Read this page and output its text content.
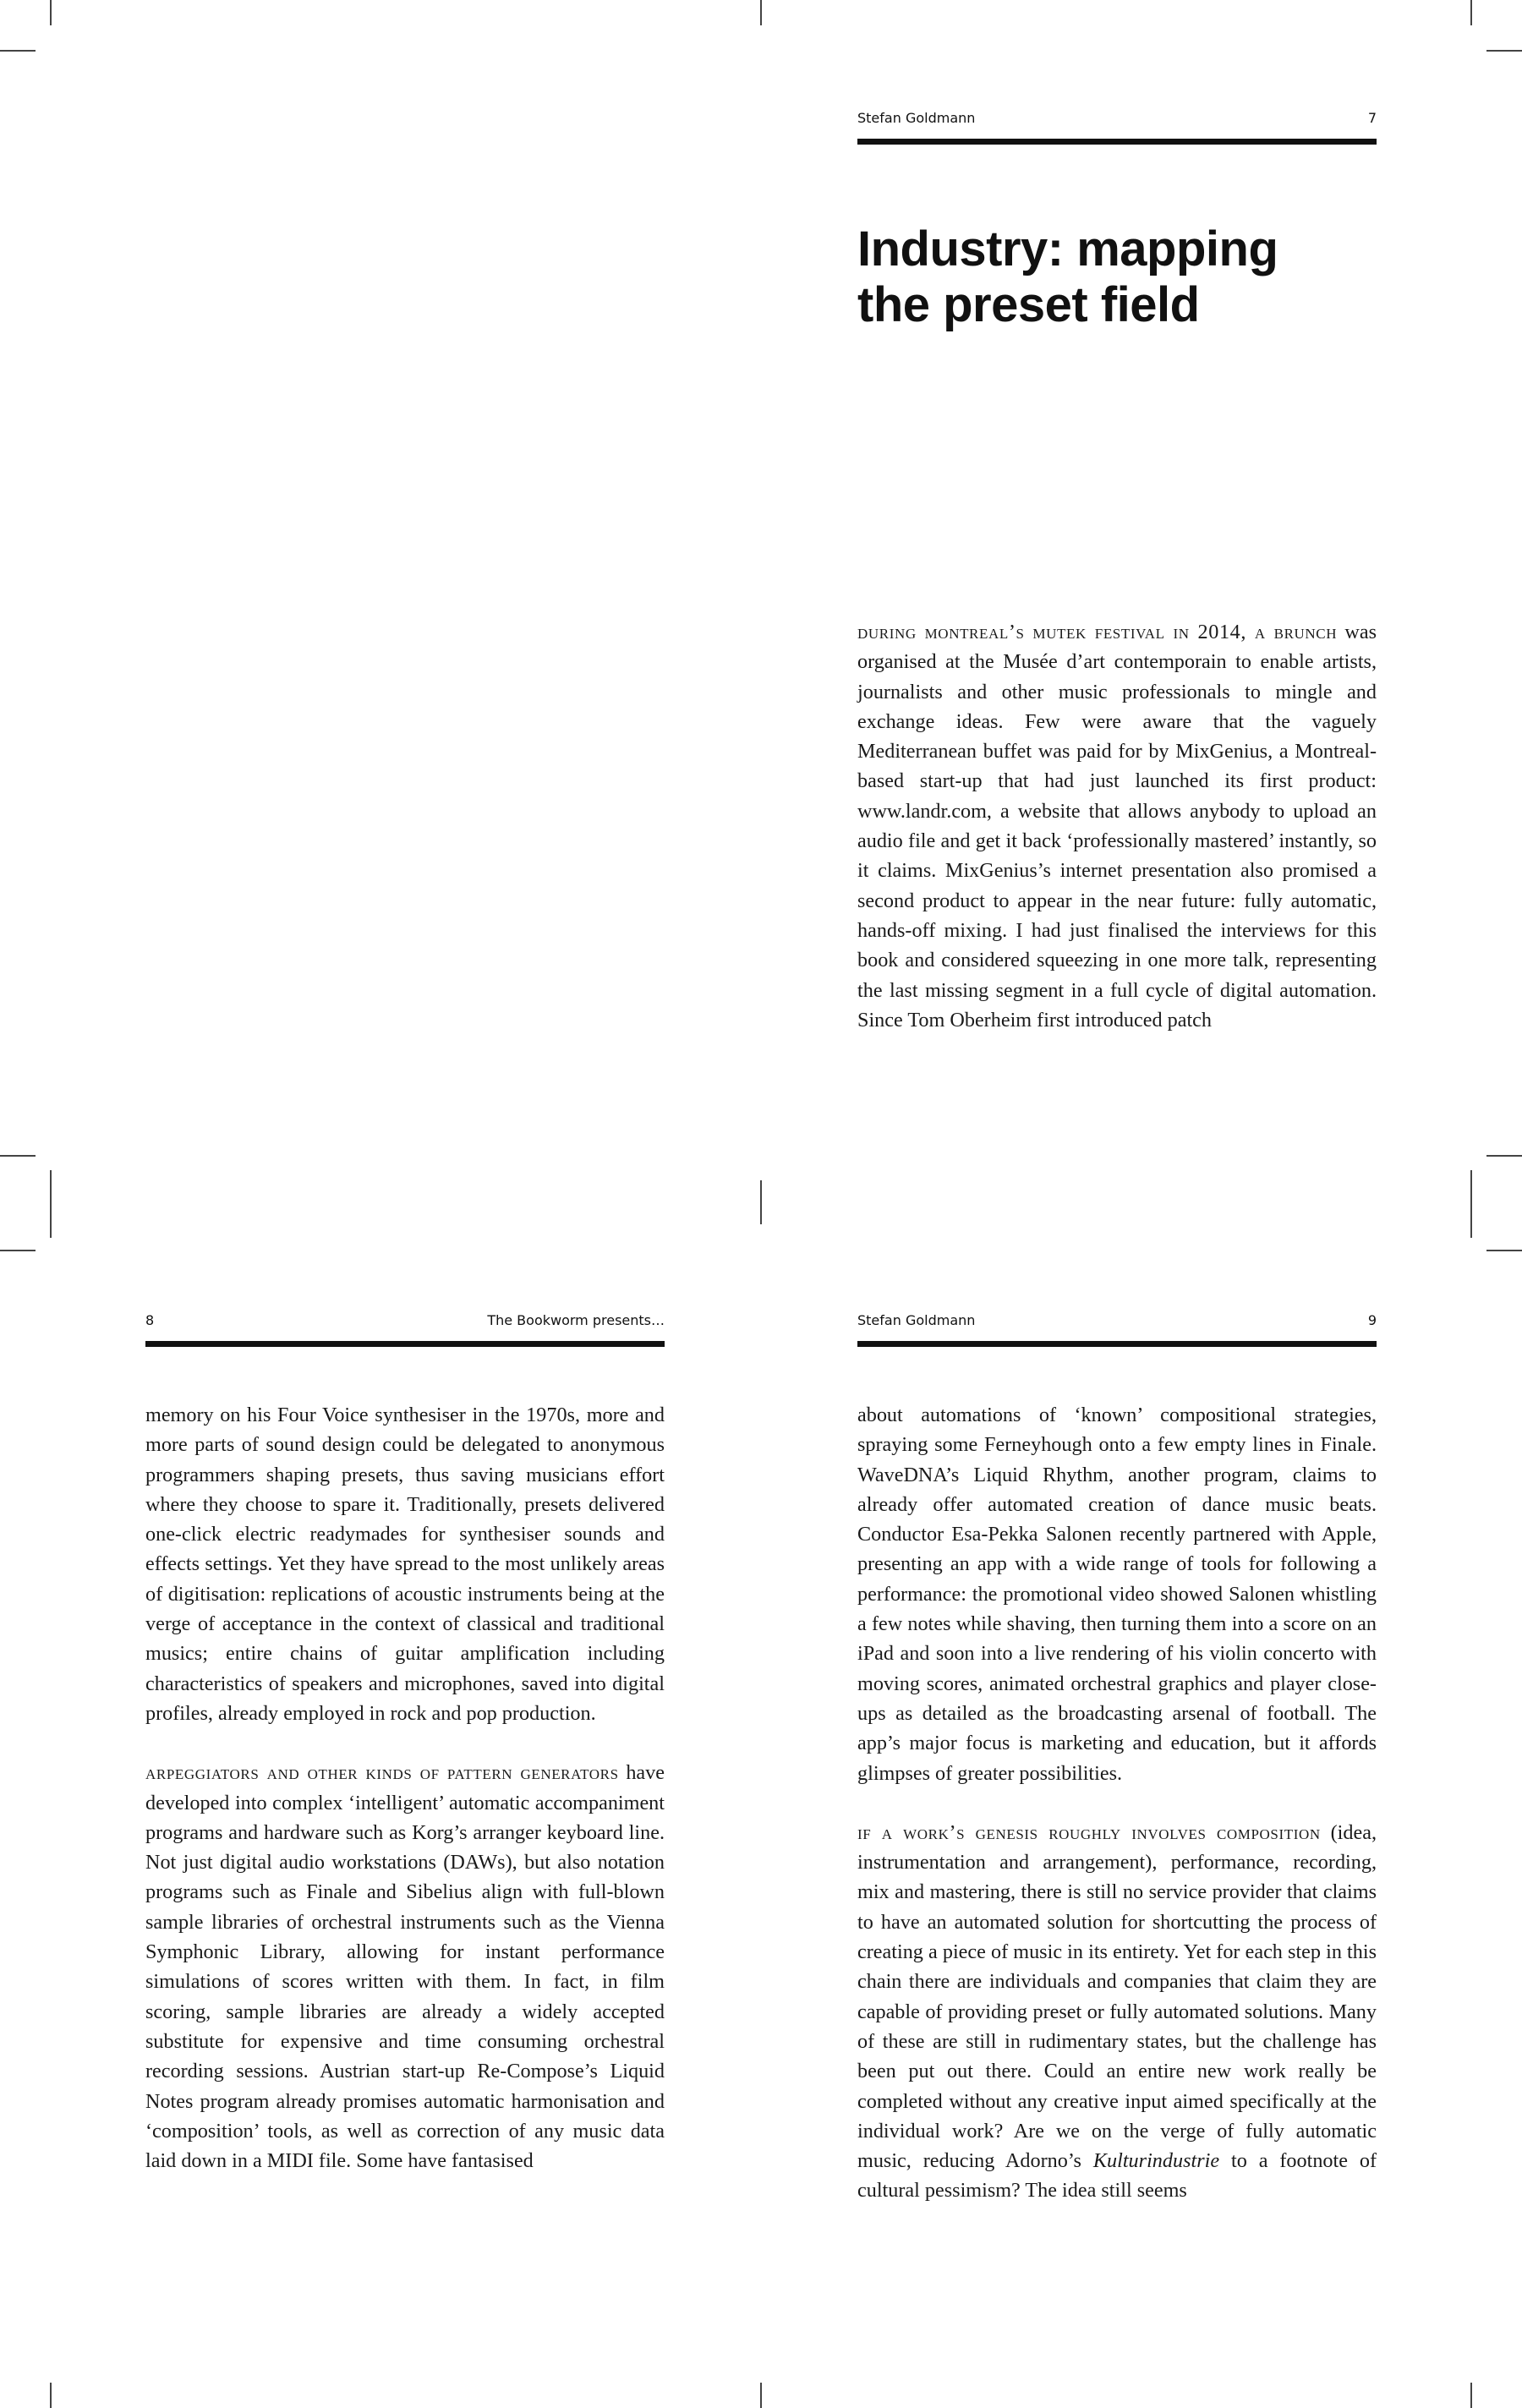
Stefan Goldmann	7
Industry: mapping
the preset field

during montreal’s mutek festival in 2014, a brunch was organised at the Musée d’art contemporain to enable artists, journalists and other music professionals to mingle and exchange ideas. Few were aware that the vaguely Mediterranean buffet was paid for by MixGenius, a Montreal-based start-up that had just launched its first product: www.landr.com, a website that allows anybody to upload an audio file and get it back ‘professionally mastered’ instantly, so it claims. MixGenius’s internet presentation also promised a second product to appear in the near future: fully automatic, hands-off mixing. I had just finalised the interviews for this book and considered squeezing in one more talk, representing the last missing segment in a full cycle of digital automation. Since Tom Oberheim first introduced patch

8	The Bookworm presents…

memory on his Four Voice synthesiser in the 1970s, more and more parts of sound design could be delegated to anonymous programmers shaping presets, thus saving musicians effort where they choose to spare it. Traditionally, presets delivered one-click electric readymades for synthesiser sounds and effects settings. Yet they have spread to the most unlikely areas of digitisation: replications of acoustic instruments being at the verge of acceptance in the context of classical and traditional musics; entire chains of guitar amplification including characteristics of speakers and microphones, saved into digital profiles, already employed in rock and pop production.

arpeggiators and other kinds of pattern generators have developed into complex ‘intelligent’ automatic accompaniment programs and hardware such as Korg’s arranger keyboard line. Not just digital audio workstations (DAWs), but also notation programs such as Finale and Sibelius align with full-blown sample libraries of orchestral instruments such as the Vienna Symphonic Library, allowing for instant performance simulations of scores written with them. In fact, in film scoring, sample libraries are already a widely accepted substitute for expensive and time consuming orchestral recording sessions. Austrian start-up Re-Compose’s Liquid Notes program already promises automatic harmonisation and ‘composition’ tools, as well as correction of any music data laid down in a MIDI file. Some have fantasised

Stefan Goldmann	9

about automations of ‘known’ compositional strategies, spraying some Ferneyhough onto a few empty lines in Finale. WaveDNA’s Liquid Rhythm, another program, claims to already offer automated creation of dance music beats. Conductor Esa-Pekka Salonen recently partnered with Apple, presenting an app with a wide range of tools for following a performance: the promotional video showed Salonen whistling a few notes while shaving, then turning them into a score on an iPad and soon into a live rendering of his violin concerto with moving scores, animated orchestral graphics and player close-ups as detailed as the broadcasting arsenal of football. The app’s major focus is marketing and education, but it affords glimpses of greater possibilities.

if a work’s genesis roughly involves composition (idea, instrumentation and arrangement), performance, recording, mix and mastering, there is still no service provider that claims to have an automated solution for shortcutting the process of creating a piece of music in its entirety. Yet for each step in this chain there are individuals and companies that claim they are capable of providing preset or fully automated solutions. Many of these are still in rudimentary states, but the challenge has been put out there. Could an entire new work really be completed without any creative input aimed specifically at the individual work? Are we on the verge of fully automatic music, reducing Adorno’s Kulturindustrie to a footnote of cultural pessimism? The idea still seems
